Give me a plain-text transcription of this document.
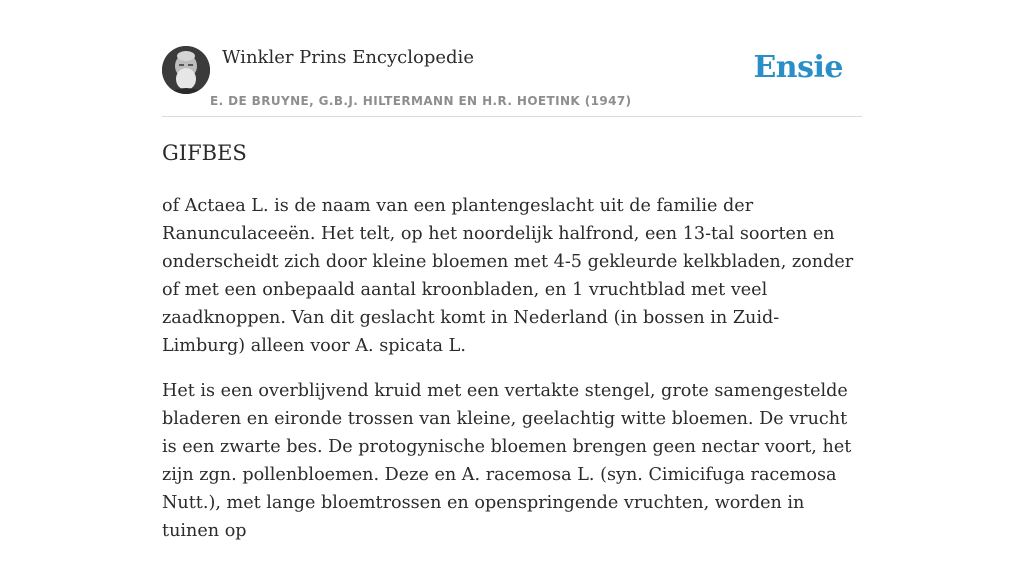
Winkler Prins Encyclopedie	Ensie
E. DE BRUYNE, G.B.J. HILTERMANN EN H.R. HOETINK (1947)
GIFBES

of Actaea L. is de naam van een plantengeslacht uit de familie der Ranunculaceeën. Het telt, op het noordelijk halfrond, een 13-tal soorten en onderscheidt zich door kleine bloemen met 4-5 gekleurde kelkbladen, zonder of met een onbepaald aantal kroonbladen, en 1 vruchtblad met veel zaadknoppen. Van dit geslacht komt in Nederland (in bossen in Zuid-Limburg) alleen voor A. spicata L.

Het is een overblijvend kruid met een vertakte stengel, grote samengestelde bladeren en eironde trossen van kleine, geelachtig witte bloemen. De vrucht is een zwarte bes. De protogynische bloemen brengen geen nectar voort, het zijn zgn. pollenbloemen. Deze en A. racemosa L. (syn. Cimicifuga racemosa Nutt.), met lange bloemtrossen en openspringende vruchten, worden in tuinen op
